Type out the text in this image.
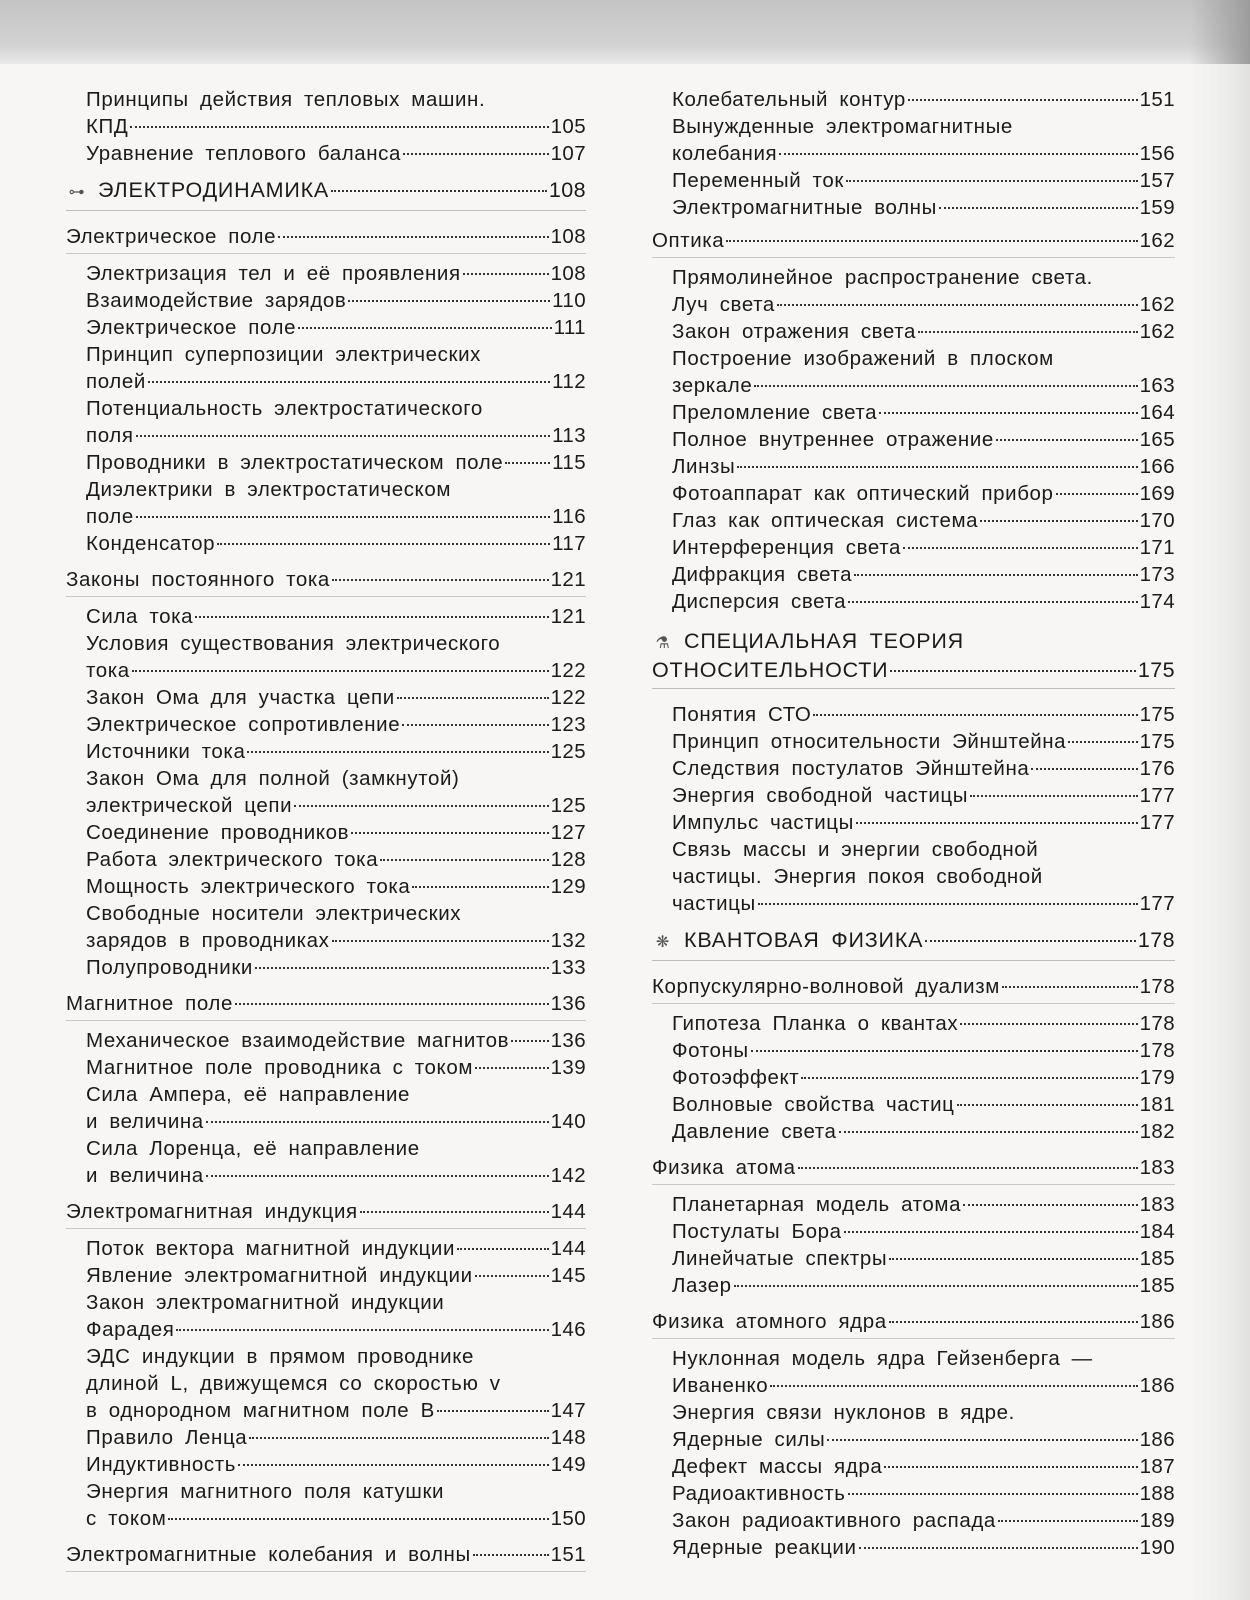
Принципы действия тепловых машин.
КПД	105
Уравнение теплового баланса	107
⊶ ЭЛЕКТРОДИНАМИКА	108
Электрическое поле	108
Электризация тел и её проявления	108
Взаимодействие зарядов	110
Электрическое поле	111
Принцип суперпозиции электрических
полей	112
Потенциальность электростатического
поля	113
Проводники в электростатическом поле 115
Диэлектрики в электростатическом
поле	116
Конденсатор	117
Законы постоянного тока	121
Сила тока	121
Условия существования электрического
тока	122
Закон Ома для участка цепи	122
Электрическое сопротивление	123
Источники тока	125
Закон Ома для полной (замкнутой)
электрической цепи	125
Соединение проводников	127
Работа электрического тока	128
Мощность электрического тока	129
Свободные носители электрических
зарядов в проводниках	132
Полупроводники	133
Магнитное поле	136
Механическое взаимодействие магнитов 136
Магнитное поле проводника с током	139
Сила Ампера, её направление
и величина	140
Сила Лоренца, её направление
и величина	142
Электромагнитная индукция	144
Поток вектора магнитной индукции	144
Явление электромагнитной индукции	145
Закон электромагнитной индукции
Фарадея	146
ЭДС индукции в прямом проводнике
длиной L, движущемся со скоростью v
в однородном магнитном поле B	147
Правило Ленца	148
Индуктивность	149
Энергия магнитного поля катушки
с током	150
Электромагнитные колебания и волны	151
Колебательный контур	151
Вынужденные электромагнитные
колебания	156
Переменный ток	157
Электромагнитные волны	159
Оптика	162
Прямолинейное распространение света.
Луч света	162
Закон отражения света	162
Построение изображений в плоском
зеркале	163
Преломление света	164
Полное внутреннее отражение	165
Линзы	166
Фотоаппарат как оптический прибор	169
Глаз как оптическая система	170
Интерференция света	171
Дифракция света	173
Дисперсия света	174
⚗ СПЕЦИАЛЬНАЯ ТЕОРИЯ
ОТНОСИТЕЛЬНОСТИ	175
Понятия СТО	175
Принцип относительности Эйнштейна	175
Следствия постулатов Эйнштейна	176
Энергия свободной частицы	177
Импульс частицы	177
Связь массы и энергии свободной
частицы. Энергия покоя свободной
частицы	177
❋ КВАНТОВАЯ ФИЗИКА	178
Корпускулярно-волновой дуализм	178
Гипотеза Планка о квантах	178
Фотоны	178
Фотоэффект	179
Волновые свойства частиц	181
Давление света	182
Физика атома	183
Планетарная модель атома	183
Постулаты Бора	184
Линейчатые спектры	185
Лазер	185
Физика атомного ядра	186
Нуклонная модель ядра Гейзенберга —
Иваненко	186
Энергия связи нуклонов в ядре.
Ядерные силы	186
Дефект массы ядра	187
Радиоактивность	188
Закон радиоактивного распада	189
Ядерные реакции	190
